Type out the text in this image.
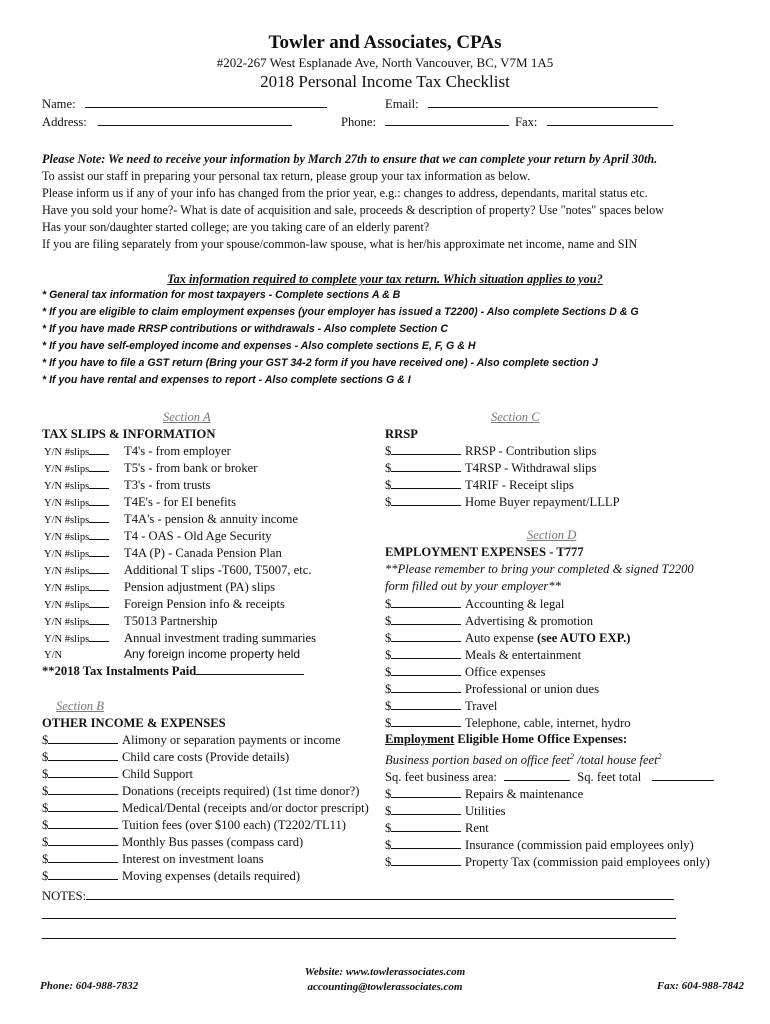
Towler and Associates, CPAs
#202-267 West Esplanade Ave, North Vancouver, BC, V7M 1A5
2018 Personal Income Tax Checklist
Name:	Email:
Address:	Phone:	Fax:
Please Note: We need to receive your information by March 27th to ensure that we can complete your return by April 30th.
To assist our staff in preparing your personal tax return, please group your tax information as below.
Please inform us if any of your info has changed from the prior year, e.g.: changes to address, dependants, marital status etc.
Have you sold your home?- What is date of acquisition and sale, proceeds & description of property? Use "notes" spaces below
Has your son/daughter started college; are you taking care of an elderly parent?
If you are filing separately from your spouse/common-law spouse, what is her/his approximate net income, name and SIN
Tax information required to complete your tax return. Which situation applies to you?
* General tax information for most taxpayers - Complete sections A & B
* If you are eligible to claim employment expenses (your employer has issued a T2200) - Also complete Sections D & G
* If you have made RRSP contributions or withdrawals - Also complete Section C
* If you have self-employed income and expenses - Also complete sections E, F, G & H
* If you have to file a GST return (Bring your GST 34-2 form if you have received one) - Also complete section J
* If you have rental and expenses to report - Also complete sections G & I
Section A
TAX SLIPS & INFORMATION
Y/N #slips	T4's - from employer
Y/N #slips	T5's - from bank or broker
Y/N #slips	T3's - from trusts
Y/N #slips	T4E's - for EI benefits
Y/N #slips	T4A's - pension & annuity income
Y/N #slips	T4 - OAS - Old Age Security
Y/N #slips	T4A (P) - Canada Pension Plan
Y/N #slips	Additional T slips -T600, T5007, etc.
Y/N #slips	Pension adjustment (PA) slips
Y/N #slips	Foreign Pension info & receipts
Y/N #slips	T5013 Partnership
Y/N #slips	Annual investment trading summaries
Y/N	Any foreign income property held
**2018 Tax Instalments Paid
Section B
OTHER INCOME & EXPENSES
$	Alimony or separation payments or income
$	Child care costs (Provide details)
$	Child Support
$	Donations (receipts required) (1st time donor?)
$	Medical/Dental (receipts and/or doctor prescript)
$	Tuition fees (over $100 each) (T2202/TL11)
$	Monthly Bus passes (compass card)
$	Interest on investment loans
$	Moving expenses (details required)
Section C
RRSP
$	RRSP - Contribution slips
$	T4RSP - Withdrawal slips
$	T4RIF - Receipt slips
$	Home Buyer repayment/LLLP
Section D
EMPLOYMENT EXPENSES - T777
**Please remember to bring your completed & signed T2200
form filled out by your employer**
$	Accounting & legal
$	Advertising & promotion
$	Auto expense (see AUTO EXP.)
$	Meals & entertainment
$	Office expenses
$	Professional or union dues
$	Travel
$	Telephone, cable, internet, hydro
Employment Eligible Home Office Expenses:
Business portion based on office feet$^2$ /total house feet$^2$
Sq. feet business area:	Sq. feet total
$	Repairs & maintenance
$	Utilities
$	Rent
$	Insurance (commission paid employees only)
$	Property Tax (commission paid employees only)
NOTES:
Phone: 604-988-7832
Website: www.towlerassociates.com
accounting@towlerassociates.com	Fax: 604-988-7842
